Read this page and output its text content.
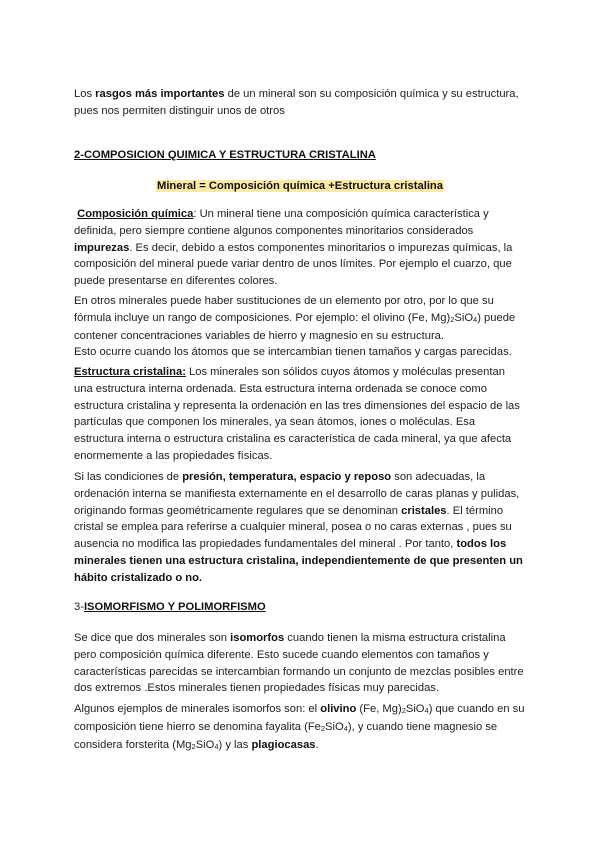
Los rasgos más importantes de un mineral son su composición química y su estructura, pues nos permiten distinguir unos de otros

2-COMPOSICION QUIMICA Y ESTRUCTURA CRISTALINA

Mineral = Composición química +Estructura cristalina

Composición química: Un mineral tiene una composición química característica y definida, pero siempre contiene algunos componentes minoritarios considerados impurezas. Es decir, debido a estos componentes minoritarios o impurezas químicas, la composición del mineral puede variar dentro de unos límites. Por ejemplo el cuarzo, que puede presentarse en diferentes colores.

En otros minerales puede haber sustituciones de un elemento por otro, por lo que su fórmula incluye un rango de composiciones. Por ejemplo: el olivino (Fe, $Mg)_2SiO_4$) puede contener concentraciones variables de hierro y magnesio en su estructura.
Esto ocurre cuando los átomos que se intercambian tienen tamaños y cargas parecidas.

Estructura cristalina: Los minerales son sólidos cuyos átomos y moléculas presentan una estructura interna ordenada. Esta estructura interna ordenada se conoce como estructura cristalina y representa la ordenación en las tres dimensiones del espacio de las partículas que componen los minerales, ya sean átomos, iones o moléculas. Esa estructura interna o estructura cristalina es característica de cada mineral, ya que afecta enormemente a las propiedades físicas.

Si las condiciones de presión, temperatura, espacio y reposo son adecuadas, la ordenación interna se manifiesta externamente en el desarrollo de caras planas y pulidas, originando formas geométricamente regulares que se denominan cristales. El término cristal se emplea para referirse a cualquier mineral, posea o no caras externas , pues su ausencia no modifica las propiedades fundamentales del mineral . Por tanto, todos los minerales tienen una estructura cristalina, independientemente de que presenten un hábito cristalizado o no.

3-ISOMORFISMO Y POLIMORFISMO

Se dice que dos minerales son isomorfos cuando tienen la misma estructura cristalina pero composición química diferente. Esto sucede cuando elementos con tamaños y características parecidas se intercambian formando un conjunto de mezclas posibles entre dos extremos .Estos minerales tienen propiedades físicas muy parecidas.

Algunos ejemplos de minerales isomorfos son: el olivino (Fe, $Mg)_2SiO_4$) que cuando en su composición tiene hierro se denomina fayalita $(Fe_2SiO_4)$, y cuando tiene magnesio se considera forsterita $(Mg_2SiO_4)$ y las plagiocasas.
